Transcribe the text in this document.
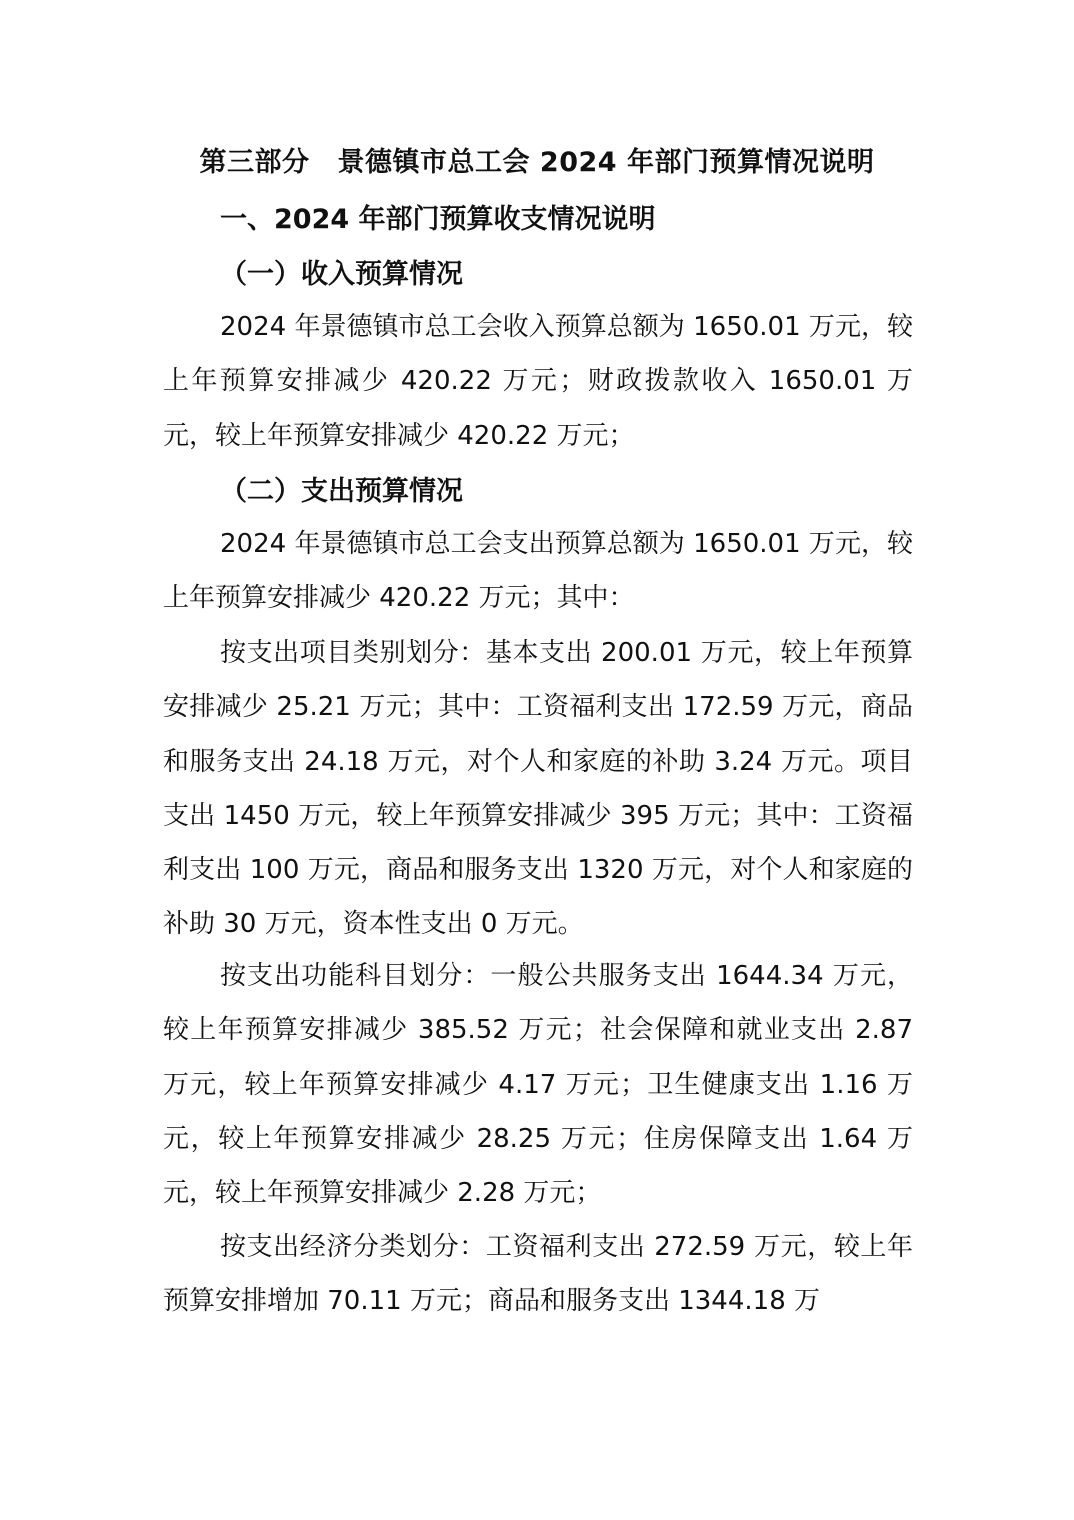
第三部分 景德镇市总工会 2024 年部门预算情况说明
一、2024 年部门预算收支情况说明
（一）收入预算情况
2024 年景德镇市总工会收入预算总额为 1650.01 万元，较上年预算安排减少 420.22 万元；财政拨款收入 1650.01 万元，较上年预算安排减少 420.22 万元；
（二）支出预算情况
2024 年景德镇市总工会支出预算总额为 1650.01 万元，较上年预算安排减少 420.22 万元；其中：
按支出项目类别划分：基本支出 200.01 万元，较上年预算安排减少 25.21 万元；其中：工资福利支出 172.59 万元，商品和服务支出 24.18 万元，对个人和家庭的补助 3.24 万元。项目支出 1450 万元，较上年预算安排减少 395 万元；其中：工资福利支出 100 万元，商品和服务支出 1320 万元，对个人和家庭的补助 30 万元，资本性支出 0 万元。
按支出功能科目划分：一般公共服务支出 1644.34 万元，较上年预算安排减少 385.52 万元；社会保障和就业支出 2.87 万元，较上年预算安排减少 4.17 万元；卫生健康支出 1.16 万元，较上年预算安排减少 28.25 万元；住房保障支出 1.64 万元，较上年预算安排减少 2.28 万元；
按支出经济分类划分：工资福利支出 272.59 万元，较上年预算安排增加 70.11 万元；商品和服务支出 1344.18 万
